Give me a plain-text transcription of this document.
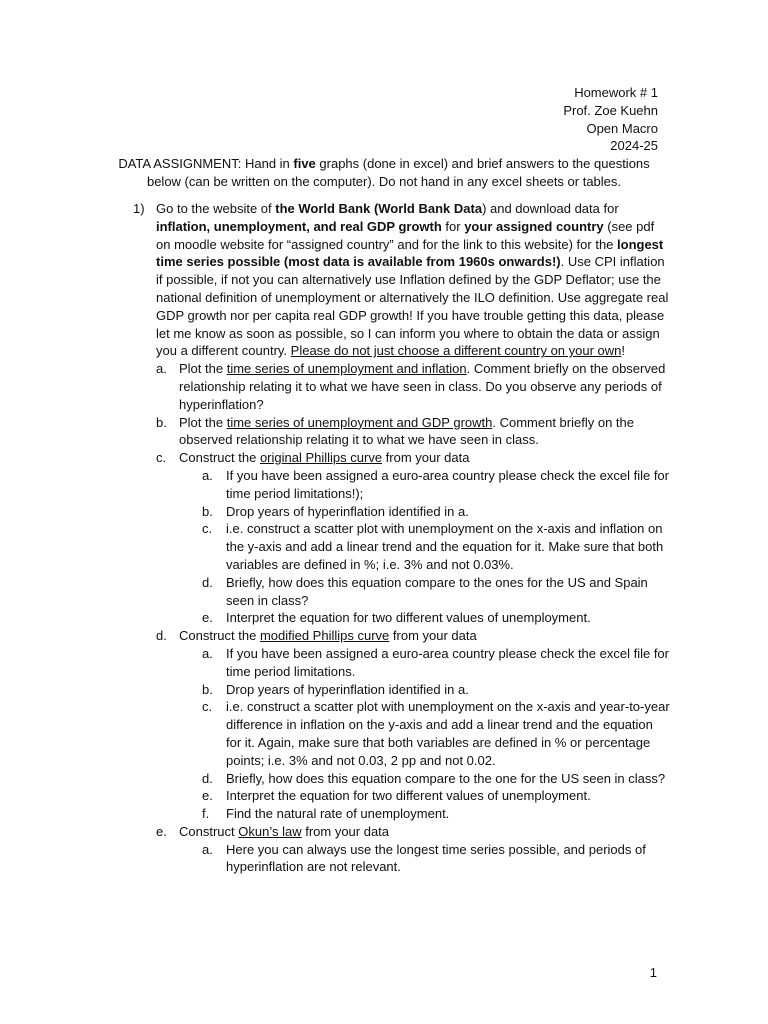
Homework # 1
Prof. Zoe Kuehn
Open Macro
2024-25
DATA ASSIGNMENT: Hand in five graphs (done in excel) and brief answers to the questions below (can be written on the computer). Do not hand in any excel sheets or tables.
1) Go to the website of the World Bank (World Bank Data) and download data for inflation, unemployment, and real GDP growth for your assigned country (see pdf on moodle website for “assigned country” and for the link to this website) for the longest time series possible (most data is available from 1960s onwards!). Use CPI inflation if possible, if not you can alternatively use Inflation defined by the GDP Deflator; use the national definition of unemployment or alternatively the ILO definition. Use aggregate real GDP growth nor per capita real GDP growth! If you have trouble getting this data, please let me know as soon as possible, so I can inform you where to obtain the data or assign you a different country. Please do not just choose a different country on your own!
a. Plot the time series of unemployment and inflation. Comment briefly on the observed relationship relating it to what we have seen in class. Do you observe any periods of hyperinflation?
b. Plot the time series of unemployment and GDP growth. Comment briefly on the observed relationship relating it to what we have seen in class.
c. Construct the original Phillips curve from your data
a. If you have been assigned a euro-area country please check the excel file for time period limitations!);
b. Drop years of hyperinflation identified in a.
c. i.e. construct a scatter plot with unemployment on the x-axis and inflation on the y-axis and add a linear trend and the equation for it. Make sure that both variables are defined in %; i.e. 3% and not 0.03%.
d. Briefly, how does this equation compare to the ones for the US and Spain seen in class?
e. Interpret the equation for two different values of unemployment.
d. Construct the modified Phillips curve from your data
a. If you have been assigned a euro-area country please check the excel file for time period limitations.
b. Drop years of hyperinflation identified in a.
c. i.e. construct a scatter plot with unemployment on the x-axis and year-to-year difference in inflation on the y-axis and add a linear trend and the equation for it. Again, make sure that both variables are defined in % or percentage points; i.e. 3% and not 0.03, 2 pp and not 0.02.
d. Briefly, how does this equation compare to the one for the US seen in class?
e. Interpret the equation for two different values of unemployment.
f. Find the natural rate of unemployment.
e. Construct Okun’s law from your data
a. Here you can always use the longest time series possible, and periods of hyperinflation are not relevant.
1
